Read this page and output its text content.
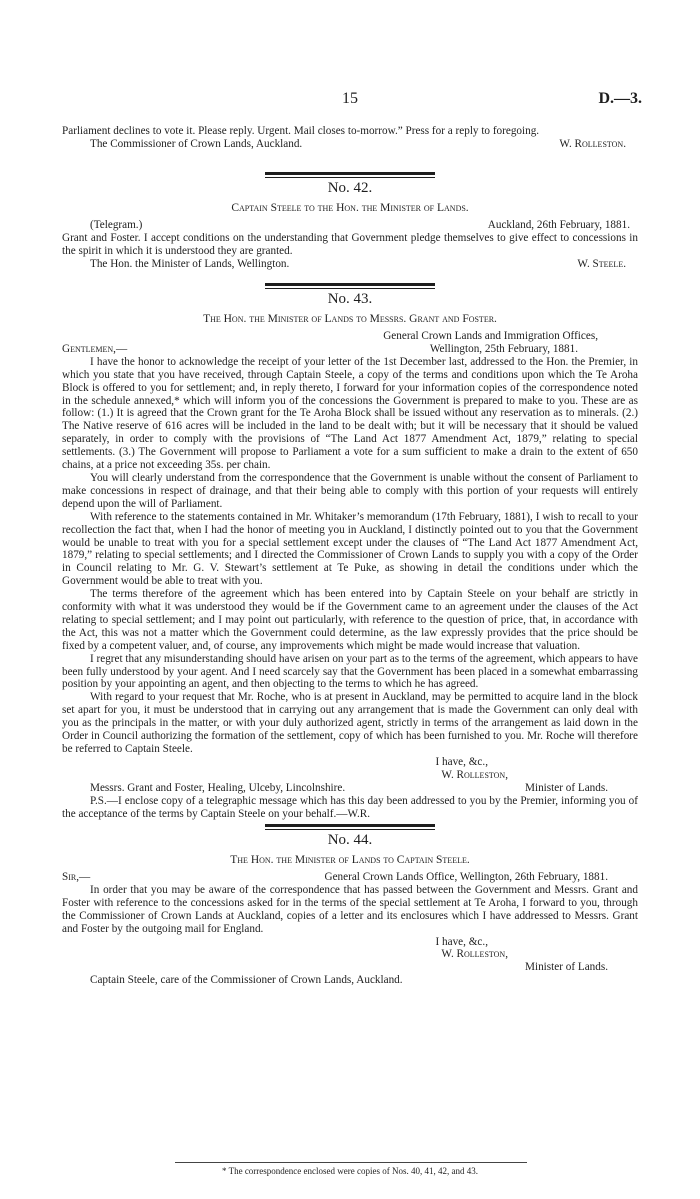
15	D.—3.

Parliament declines to vote it. Please reply. Urgent. Mail closes to-morrow.” Press for a reply to foregoing.

The Commissioner of Crown Lands, Auckland.	W. Rolleston.
No. 42.
Captain Steele to the Hon. the Minister of Lands.
(Telegram.)	Auckland, 26th February, 1881.

Grant and Foster. I accept conditions on the understanding that Government pledge themselves to give effect to concessions in the spirit in which it is understood they are granted.

The Hon. the Minister of Lands, Wellington.	W. Steele.
No. 43.
The Hon. the Minister of Lands to Messrs. Grant and Foster.

General Crown Lands and Immigration Offices,

Gentlemen,—	Wellington, 25th February, 1881.

I have the honor to acknowledge the receipt of your letter of the 1st December last, addressed to the Hon. the Premier, in which you state that you have received, through Captain Steele, a copy of the terms and conditions upon which the Te Aroha Block is offered to you for settlement; and, in reply thereto, I forward for your information copies of the correspondence noted in the schedule annexed,* which will inform you of the concessions the Government is prepared to make to you. These are as follow: (1.) It is agreed that the Crown grant for the Te Aroha Block shall be issued without any reservation as to minerals. (2.) The Native reserve of 616 acres will be included in the land to be dealt with; but it will be necessary that it should be valued separately, in order to comply with the provisions of “The Land Act 1877 Amendment Act, 1879,” relating to special settlements. (3.) The Government will propose to Parliament a vote for a sum sufficient to make a drain to the extent of 650 chains, at a price not exceeding 35s. per chain.

You will clearly understand from the correspondence that the Government is unable without the consent of Parliament to make concessions in respect of drainage, and that their being able to comply with this portion of your requests will entirely depend upon the will of Parliament.

With reference to the statements contained in Mr. Whitaker’s memorandum (17th February, 1881), I wish to recall to your recollection the fact that, when I had the honor of meeting you in Auckland, I distinctly pointed out to you that the Government would be unable to treat with you for a special settlement except under the clauses of “The Land Act 1877 Amendment Act, 1879,” relating to special settlements; and I directed the Commissioner of Crown Lands to supply you with a copy of the Order in Council relating to Mr. G. V. Stewart’s settlement at Te Puke, as showing in detail the conditions under which the Government would be able to treat with you.

The terms therefore of the agreement which has been entered into by Captain Steele on your behalf are strictly in conformity with what it was understood they would be if the Government came to an agreement under the clauses of the Act relating to special settlement; and I may point out particularly, with reference to the question of price, that, in accordance with the Act, this was not a matter which the Government could determine, as the law expressly provides that the price should be fixed by a competent valuer, and, of course, any improvements which might be made would increase that valuation.

I regret that any misunderstanding should have arisen on your part as to the terms of the agreement, which appears to have been fully understood by your agent. And I need scarcely say that the Government has been placed in a somewhat embarrassing position by your appointing an agent, and then objecting to the terms to which he has agreed.

With regard to your request that Mr. Roche, who is at present in Auckland, may be permitted to acquire land in the block set apart for you, it must be understood that in carrying out any arrangement that is made the Government can only deal with you as the principals in the matter, or with your duly authorized agent, strictly in terms of the arrangement as laid down in the Order in Council authorizing the formation of the settlement, copy of which has been furnished to you. Mr. Roche will therefore be referred to Captain Steele.

I have, &c.,

W. Rolleston,

Messrs. Grant and Foster, Healing, Ulceby, Lincolnshire.	Minister of Lands.

P.S.—I enclose copy of a telegraphic message which has this day been addressed to you by the Premier, informing you of the acceptance of the terms by Captain Steele on your behalf.—W.R.

No. 44.
The Hon. the Minister of Lands to Captain Steele.
Sir,—	General Crown Lands Office, Wellington, 26th February, 1881.

In order that you may be aware of the correspondence that has passed between the Government and Messrs. Grant and Foster with reference to the concessions asked for in the terms of the special settlement at Te Aroha, I forward to you, through the Commissioner of Crown Lands at Auckland, copies of a letter and its enclosures which I have addressed to Messrs. Grant and Foster by the outgoing mail for England.

I have, &c.,

W. Rolleston,

Minister of Lands.

Captain Steele, care of the Commissioner of Crown Lands, Auckland.

* The correspondence enclosed were copies of Nos. 40, 41, 42, and 43.
